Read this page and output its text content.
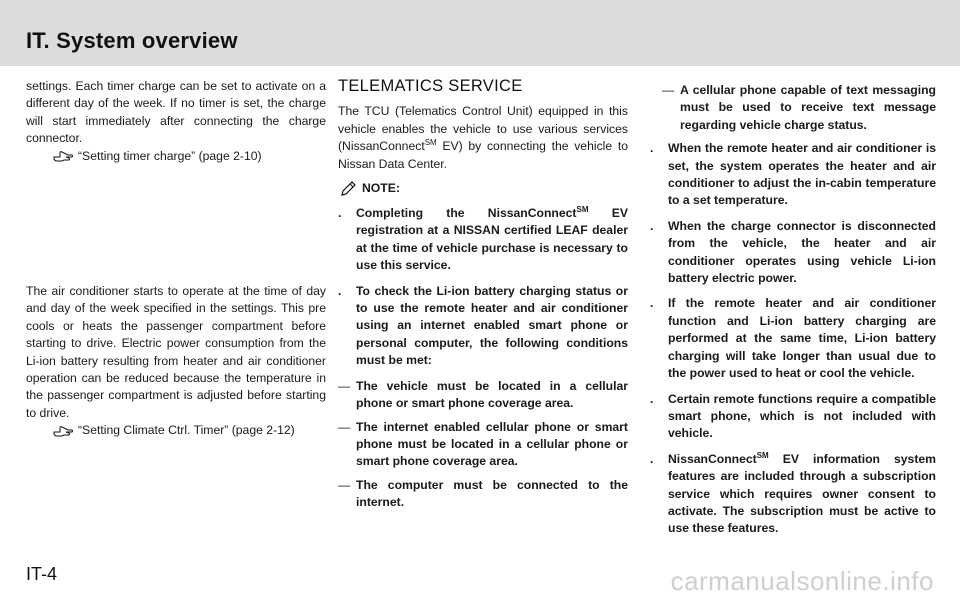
IT. System overview

settings. Each timer charge can be set to activate on a different day of the week. If no timer is set, the charge will start immediately after connecting the charge connector.

“Setting timer charge” (page 2-10)

The air conditioner starts to operate at the time of day and day of the week specified in the settings. This pre cools or heats the passenger compartment before starting to drive. Electric power consumption from the Li-ion battery resulting from heater and air conditioner operation can be reduced because the temperature in the passenger compartment is adjusted before starting to drive.

“Setting Climate Ctrl. Timer” (page 2-12)
TELEMATICS SERVICE

The TCU (Telematics Control Unit) equipped in this vehicle enables the vehicle to use various services (NissanConnect℠ EV) by connecting the vehicle to Nissan Data Center.

NOTE:
.	Completing the NissanConnect℠ EV registration at a NISSAN certified LEAF dealer at the time of vehicle purchase is necessary to use this service.
.	To check the Li-ion battery charging status or to use the remote heater and air conditioner using an internet enabled smart phone or personal computer, the following conditions must be met:
— The vehicle must be located in a cellular phone or smart phone coverage area.
— The internet enabled cellular phone or smart phone must be located in a cellular phone or smart phone coverage area.
— The computer must be connected to the internet.
— A cellular phone capable of text messaging must be used to receive text message regarding vehicle charge status.
.	When the remote heater and air conditioner is set, the system operates the heater and air conditioner to adjust the in-cabin temperature to a set temperature.
.	When the charge connector is disconnected from the vehicle, the heater and air conditioner operates using vehicle Li-ion battery electric power.
.	If the remote heater and air conditioner function and Li-ion battery charging are performed at the same time, Li-ion battery charging will take longer than usual due to the power used to heat or cool the vehicle.
.	Certain remote functions require a compatible smart phone, which is not included with vehicle.
.	NissanConnect℠ EV information system features are included through a subscription service which requires owner consent to activate. The subscription must be active to use these features.
IT-4	carmanualsonline.info
